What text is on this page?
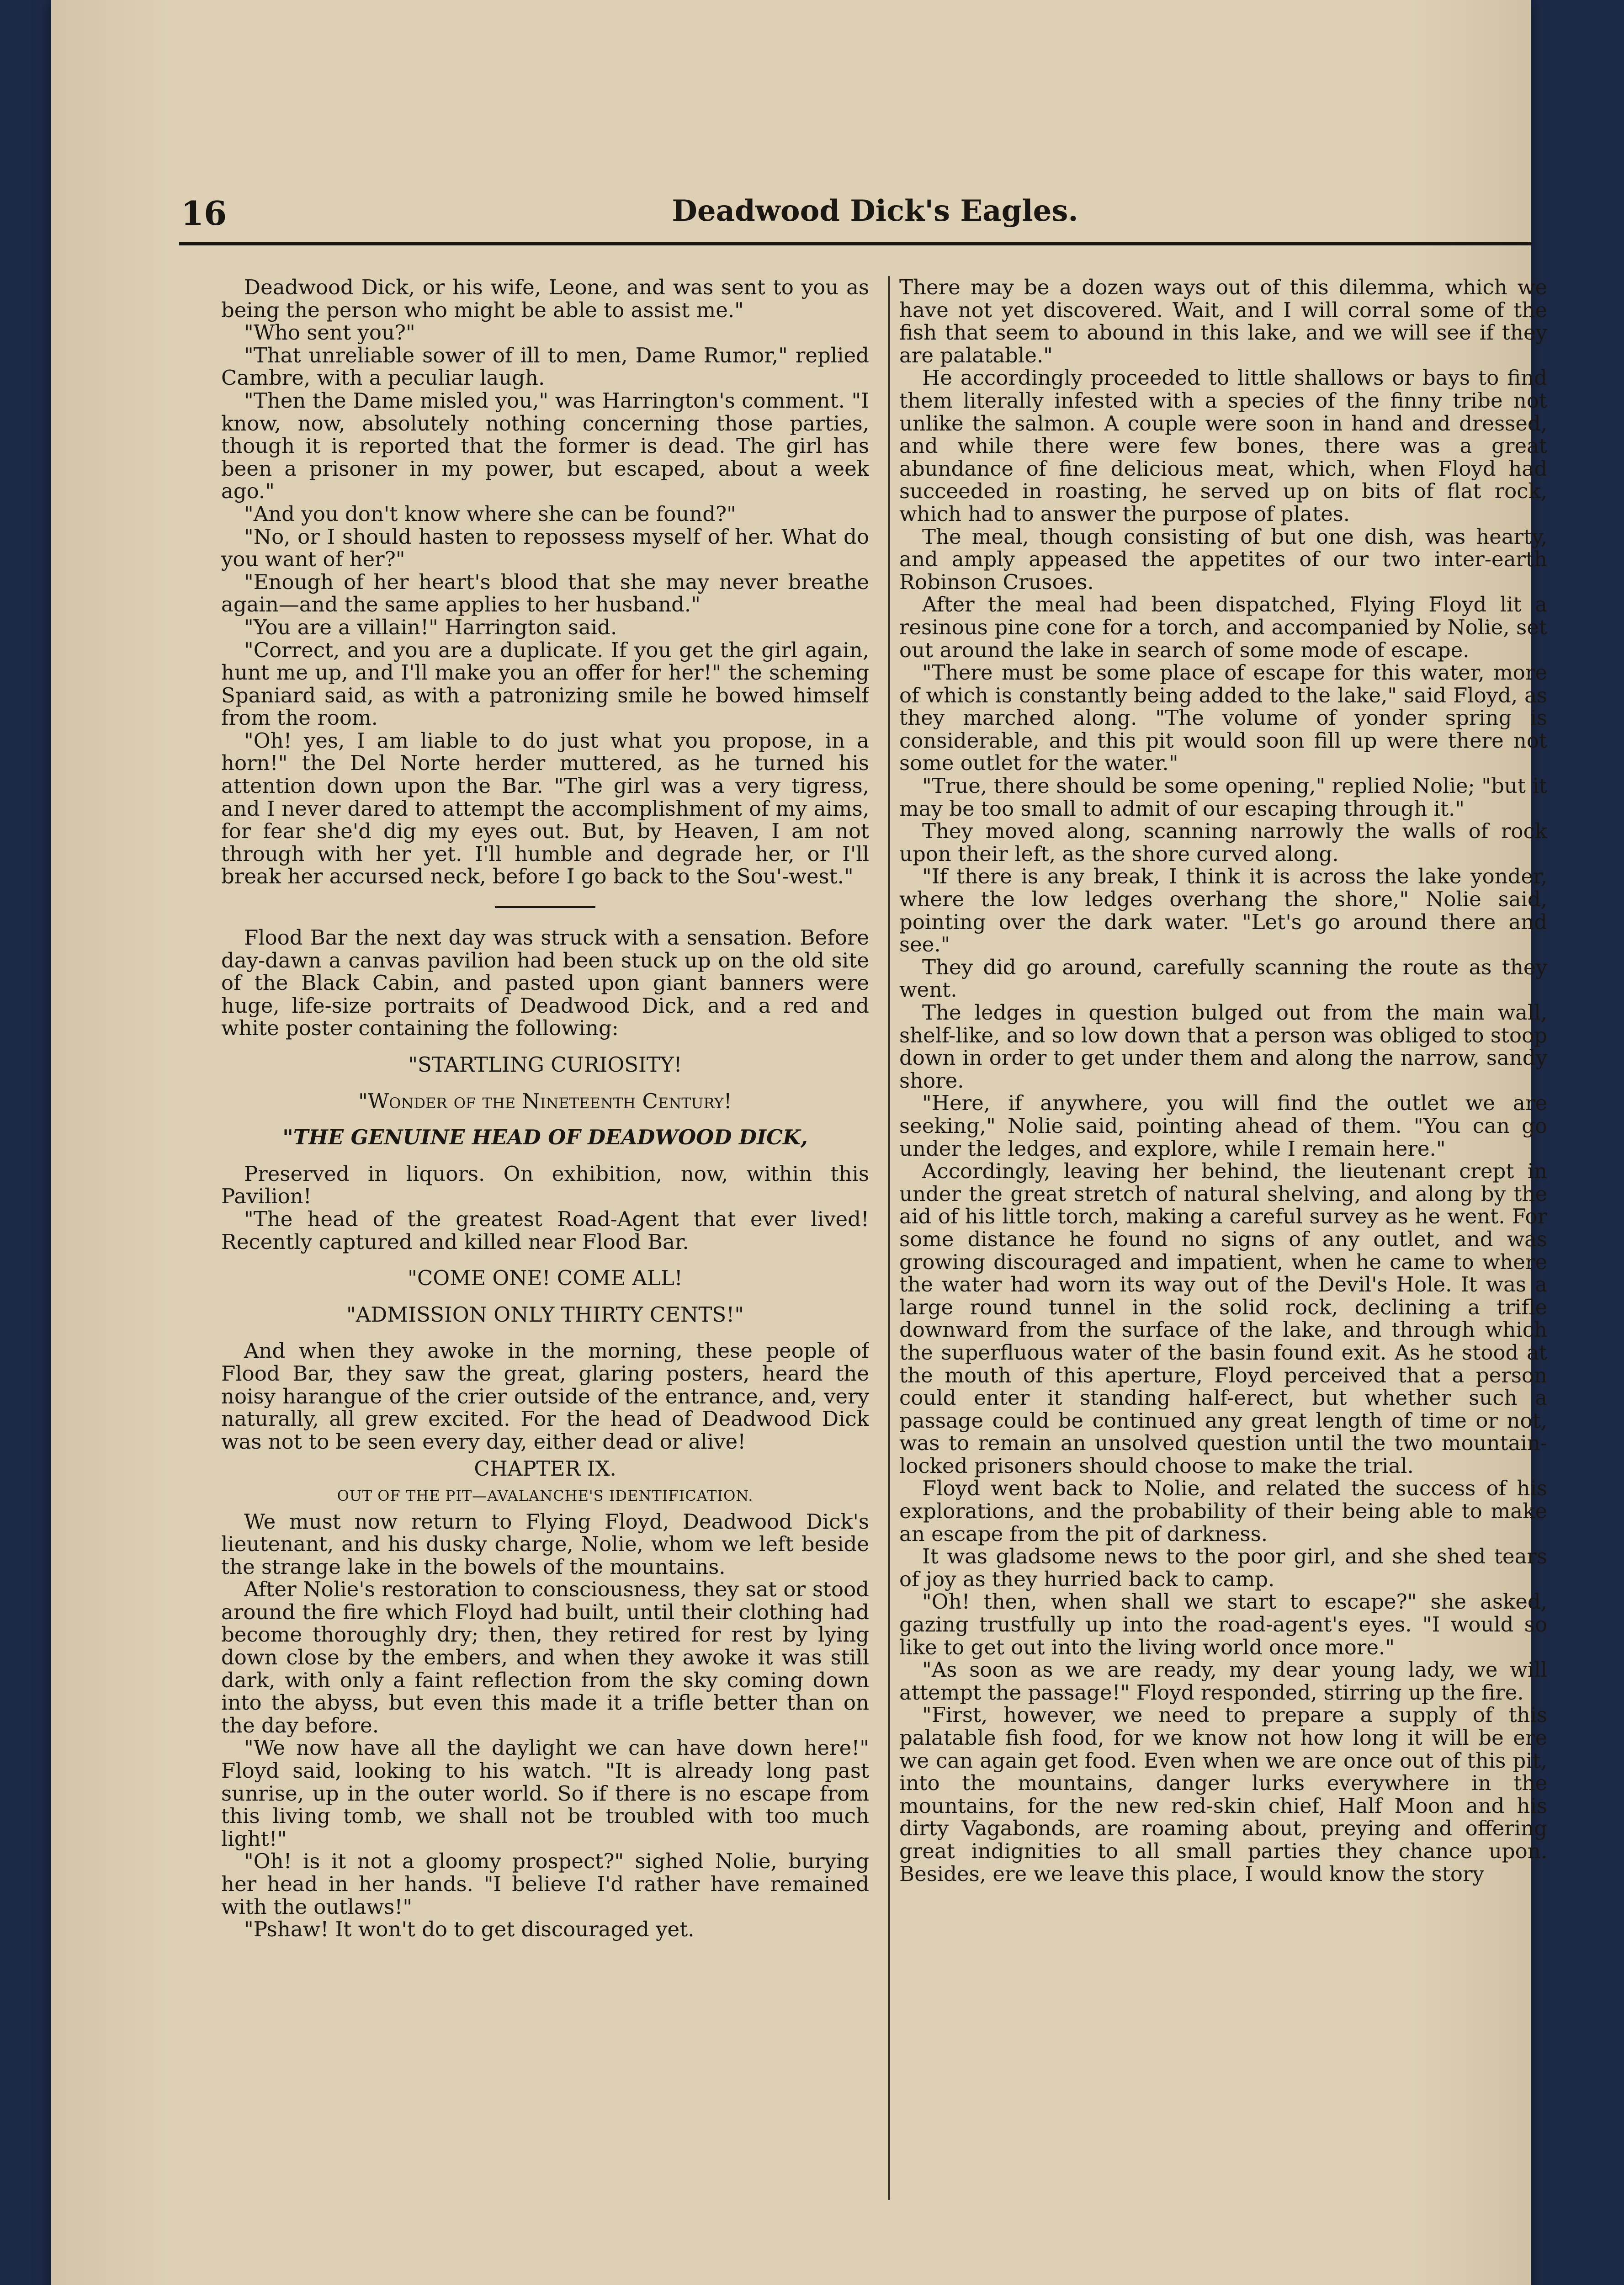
16	Deadwood Dick's Eagles.

Deadwood Dick, or his wife, Leone, and was sent to you as being the person who might be able to assist me."

"Who sent you?"

"That unreliable sower of ill to men, Dame Rumor," replied Cambre, with a peculiar laugh.

"Then the Dame misled you," was Harrington's comment. "I know, now, absolutely nothing concerning those parties, though it is reported that the former is dead. The girl has been a prisoner in my power, but escaped, about a week ago."

"And you don't know where she can be found?"

"No, or I should hasten to repossess myself of her. What do you want of her?"

"Enough of her heart's blood that she may never breathe again—and the same applies to her husband."

"You are a villain!" Harrington said.

"Correct, and you are a duplicate. If you get the girl again, hunt me up, and I'll make you an offer for her!" the scheming Spaniard said, as with a patronizing smile he bowed himself from the room.

"Oh! yes, I am liable to do just what you propose, in a horn!" the Del Norte herder muttered, as he turned his attention down upon the Bar. "The girl was a very tigress, and I never dared to attempt the accomplishment of my aims, for fear she'd dig my eyes out. But, by Heaven, I am not through with her yet. I'll humble and degrade her, or I'll break her accursed neck, before I go back to the Sou'-west."

Flood Bar the next day was struck with a sensation. Before day-dawn a canvas pavilion had been stuck up on the old site of the Black Cabin, and pasted upon giant banners were huge, life-size portraits of Deadwood Dick, and a red and white poster containing the following:

"STARTLING CURIOSITY!

"Wonder of the Nineteenth Century!

"THE GENUINE HEAD OF DEADWOOD DICK,

Preserved in liquors. On exhibition, now, within this Pavilion!

"The head of the greatest Road-Agent that ever lived! Recently captured and killed near Flood Bar.

"COME ONE! COME ALL!

"ADMISSION ONLY THIRTY CENTS!"

And when they awoke in the morning, these people of Flood Bar, they saw the great, glaring posters, heard the noisy harangue of the crier outside of the entrance, and, very naturally, all grew excited. For the head of Deadwood Dick was not to be seen every day, either dead or alive!

CHAPTER IX.

OUT OF THE PIT—AVALANCHE'S IDENTIFICATION.

We must now return to Flying Floyd, Deadwood Dick's lieutenant, and his dusky charge, Nolie, whom we left beside the strange lake in the bowels of the mountains.

After Nolie's restoration to consciousness, they sat or stood around the fire which Floyd had built, until their clothing had become thoroughly dry; then, they retired for rest by lying down close by the embers, and when they awoke it was still dark, with only a faint reflection from the sky coming down into the abyss, but even this made it a trifle better than on the day before.

"We now have all the daylight we can have down here!" Floyd said, looking to his watch. "It is already long past sunrise, up in the outer world. So if there is no escape from this living tomb, we shall not be troubled with too much light!"

"Oh! is it not a gloomy prospect?" sighed Nolie, burying her head in her hands. "I believe I'd rather have remained with the outlaws!"

"Pshaw! It won't do to get discouraged yet.

There may be a dozen ways out of this dilemma, which we have not yet discovered. Wait, and I will corral some of the fish that seem to abound in this lake, and we will see if they are palatable."

He accordingly proceeded to little shallows or bays to find them literally infested with a species of the finny tribe not unlike the salmon. A couple were soon in hand and dressed, and while there were few bones, there was a great abundance of fine delicious meat, which, when Floyd had succeeded in roasting, he served up on bits of flat rock, which had to answer the purpose of plates.

The meal, though consisting of but one dish, was hearty, and amply appeased the appetites of our two inter-earth Robinson Crusoes.

After the meal had been dispatched, Flying Floyd lit a resinous pine cone for a torch, and accompanied by Nolie, set out around the lake in search of some mode of escape.

"There must be some place of escape for this water, more of which is constantly being added to the lake," said Floyd, as they marched along. "The volume of yonder spring is considerable, and this pit would soon fill up were there not some outlet for the water."

"True, there should be some opening," replied Nolie; "but it may be too small to admit of our escaping through it."

They moved along, scanning narrowly the walls of rock upon their left, as the shore curved along.

"If there is any break, I think it is across the lake yonder, where the low ledges overhang the shore," Nolie said, pointing over the dark water. "Let's go around there and see."

They did go around, carefully scanning the route as they went.

The ledges in question bulged out from the main wall, shelf-like, and so low down that a person was obliged to stoop down in order to get under them and along the narrow, sandy shore.

"Here, if anywhere, you will find the outlet we are seeking," Nolie said, pointing ahead of them. "You can go under the ledges, and explore, while I remain here."

Accordingly, leaving her behind, the lieutenant crept in under the great stretch of natural shelving, and along by the aid of his little torch, making a careful survey as he went. For some distance he found no signs of any outlet, and was growing discouraged and impatient, when he came to where the water had worn its way out of the Devil's Hole. It was a large round tunnel in the solid rock, declining a trifle downward from the surface of the lake, and through which the superfluous water of the basin found exit. As he stood at the mouth of this aperture, Floyd perceived that a person could enter it standing half-erect, but whether such a passage could be continued any great length of time or not, was to remain an unsolved question until the two mountain-locked prisoners should choose to make the trial.

Floyd went back to Nolie, and related the success of his explorations, and the probability of their being able to make an escape from the pit of darkness.

It was gladsome news to the poor girl, and she shed tears of joy as they hurried back to camp.

"Oh! then, when shall we start to escape?" she asked, gazing trustfully up into the road-agent's eyes. "I would so like to get out into the living world once more."

"As soon as we are ready, my dear young lady, we will attempt the passage!" Floyd responded, stirring up the fire.

"First, however, we need to prepare a supply of this palatable fish food, for we know not how long it will be ere we can again get food. Even when we are once out of this pit, into the mountains, danger lurks everywhere in the mountains, for the new red-skin chief, Half Moon and his dirty Vagabonds, are roaming about, preying and offering great indignities to all small parties they chance upon. Besides, ere we leave this place, I would know the story
